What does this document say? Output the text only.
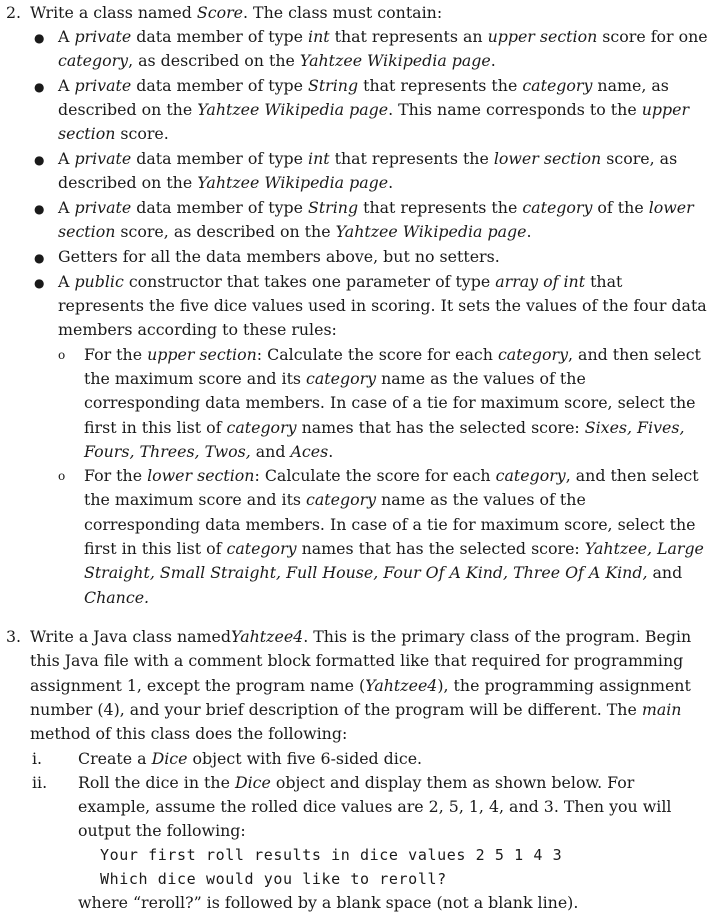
2. Write a class named Score. The class must contain:
● A private data member of type int that represents an upper section score for one
category, as described on the Yahtzee Wikipedia page.
● A private data member of type String that represents the category name, as
described on the Yahtzee Wikipedia page. This name corresponds to the upper
section score.
● A private data member of type int that represents the lower section score, as
described on the Yahtzee Wikipedia page.
● A private data member of type String that represents the category of the lower
section score, as described on the Yahtzee Wikipedia page.
● Getters for all the data members above, but no setters.
● A public constructor that takes one parameter of type array of int that
represents the five dice values used in scoring. It sets the values of the four data
members according to these rules:
o For the upper section: Calculate the score for each category, and then select
the maximum score and its category name as the values of the
corresponding data members. In case of a tie for maximum score, select the
first in this list of category names that has the selected score: Sixes, Fives,
Fours, Threes, Twos, and Aces.
o For the lower section: Calculate the score for each category, and then select
the maximum score and its category name as the values of the
corresponding data members. In case of a tie for maximum score, select the
first in this list of category names that has the selected score: Yahtzee, Large
Straight, Small Straight, Full House, Four Of A Kind, Three Of A Kind, and
Chance.
3. Write a Java class namedYahtzee4. This is the primary class of the program. Begin
this Java file with a comment block formatted like that required for programming
assignment 1, except the program name (Yahtzee4), the programming assignment
number (4), and your brief description of the program will be different. The main
method of this class does the following:
i. Create a Dice object with five 6-sided dice.
ii. Roll the dice in the Dice object and display them as shown below. For
example, assume the rolled dice values are 2, 5, 1, 4, and 3. Then you will
output the following:
Your first roll results in dice values 2 5 1 4 3
Which dice would you like to reroll?
where “reroll?” is followed by a blank space (not a blank line).
